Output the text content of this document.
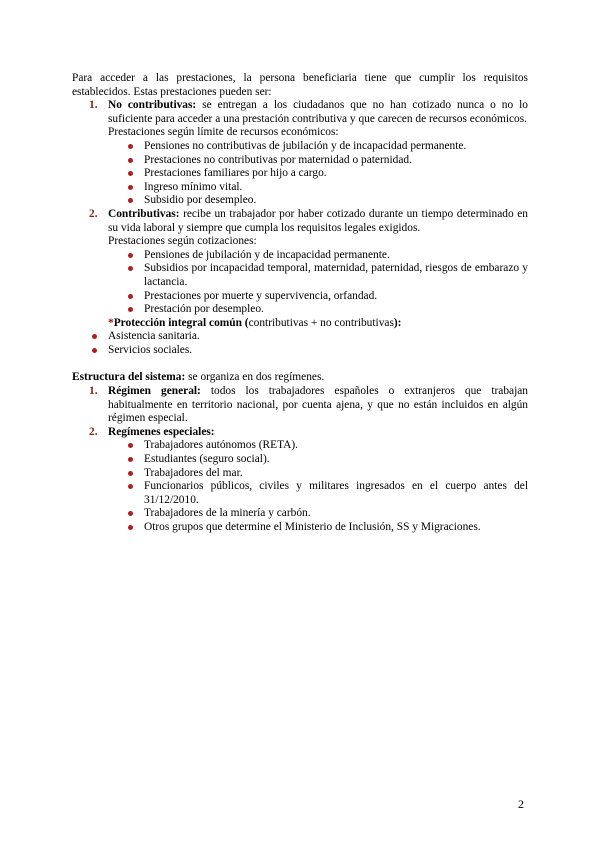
Para acceder a las prestaciones, la persona beneficiaria tiene que cumplir los requisitos establecidos. Estas prestaciones pueden ser:

1. No contributivas: se entregan a los ciudadanos que no han cotizado nunca o no lo suficiente para acceder a una prestación contributiva y que carecen de recursos económicos.

Prestaciones según límite de recursos económicos:

Pensiones no contributivas de jubilación y de incapacidad permanente.
Prestaciones no contributivas por maternidad o paternidad.
Prestaciones familiares por hijo a cargo.
Ingreso mínimo vital.
Subsidio por desempleo.
2. Contributivas: recibe un trabajador por haber cotizado durante un tiempo determinado en su vida laboral y siempre que cumpla los requisitos legales exigidos.

Prestaciones según cotizaciones:

Pensiones de jubilación y de incapacidad permanente.
Subsidios por incapacidad temporal, maternidad, paternidad, riesgos de embarazo y lactancia.
Prestaciones por muerte y supervivencia, orfandad.
Prestación por desempleo.

*Protección integral común (contributivas + no contributivas):

Asistencia sanitaria.
Servicios sociales.

Estructura del sistema: se organiza en dos regímenes.

1. Régimen general: todos los trabajadores españoles o extranjeros que trabajan habitualmente en territorio nacional, por cuenta ajena, y que no están incluidos en algún régimen especial.

2. Regímenes especiales:

Trabajadores autónomos (RETA).
Estudiantes (seguro social).
Trabajadores del mar.
Funcionarios públicos, civiles y militares ingresados en el cuerpo antes del 31/12/2010.
Trabajadores de la minería y carbón.
Otros grupos que determine el Ministerio de Inclusión, SS y Migraciones.
2
